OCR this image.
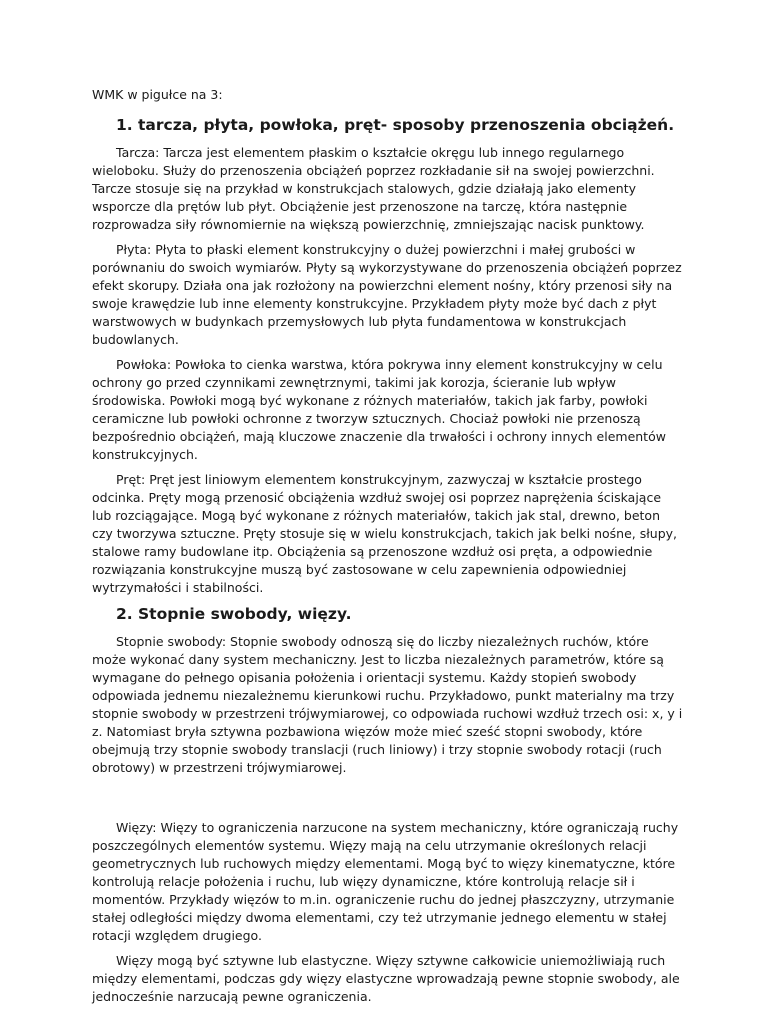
WMK w pigułce na 3:
1. tarcza, płyta, powłoka, pręt- sposoby przenoszenia obciążeń.

Tarcza: Tarcza jest elementem płaskim o kształcie okręgu lub innego regularnego wieloboku. Służy do przenoszenia obciążeń poprzez rozkładanie sił na swojej powierzchni. Tarcze stosuje się na przykład w konstrukcjach stalowych, gdzie działają jako elementy wsporcze dla prętów lub płyt. Obciążenie jest przenoszone na tarczę, która następnie rozprowadza siły równomiernie na większą powierzchnię, zmniejszając nacisk punktowy.

Płyta: Płyta to płaski element konstrukcyjny o dużej powierzchni i małej grubości w porównaniu do swoich wymiarów. Płyty są wykorzystywane do przenoszenia obciążeń poprzez efekt skorupy. Działa ona jak rozłożony na powierzchni element nośny, który przenosi siły na swoje krawędzie lub inne elementy konstrukcyjne. Przykładem płyty może być dach z płyt warstwowych w budynkach przemysłowych lub płyta fundamentowa w konstrukcjach budowlanych.

Powłoka: Powłoka to cienka warstwa, która pokrywa inny element konstrukcyjny w celu ochrony go przed czynnikami zewnętrznymi, takimi jak korozja, ścieranie lub wpływ środowiska. Powłoki mogą być wykonane z różnych materiałów, takich jak farby, powłoki ceramiczne lub powłoki ochronne z tworzyw sztucznych. Chociaż powłoki nie przenoszą bezpośrednio obciążeń, mają kluczowe znaczenie dla trwałości i ochrony innych elementów konstrukcyjnych.

Pręt: Pręt jest liniowym elementem konstrukcyjnym, zazwyczaj w kształcie prostego odcinka. Pręty mogą przenosić obciążenia wzdłuż swojej osi poprzez naprężenia ściskające lub rozciągające. Mogą być wykonane z różnych materiałów, takich jak stal, drewno, beton czy tworzywa sztuczne. Pręty stosuje się w wielu konstrukcjach, takich jak belki nośne, słupy, stalowe ramy budowlane itp. Obciążenia są przenoszone wzdłuż osi pręta, a odpowiednie rozwiązania konstrukcyjne muszą być zastosowane w celu zapewnienia odpowiedniej wytrzymałości i stabilności.

2. Stopnie swobody, więzy.

Stopnie swobody: Stopnie swobody odnoszą się do liczby niezależnych ruchów, które może wykonać dany system mechaniczny. Jest to liczba niezależnych parametrów, które są wymagane do pełnego opisania położenia i orientacji systemu. Każdy stopień swobody odpowiada jednemu niezależnemu kierunkowi ruchu. Przykładowo, punkt materialny ma trzy stopnie swobody w przestrzeni trójwymiarowej, co odpowiada ruchowi wzdłuż trzech osi: x, y i z. Natomiast bryła sztywna pozbawiona więzów może mieć sześć stopni swobody, które obejmują trzy stopnie swobody translacji (ruch liniowy) i trzy stopnie swobody rotacji (ruch obrotowy) w przestrzeni trójwymiarowej.

Więzy: Więzy to ograniczenia narzucone na system mechaniczny, które ograniczają ruchy poszczególnych elementów systemu. Więzy mają na celu utrzymanie określonych relacji geometrycznych lub ruchowych między elementami. Mogą być to więzy kinematyczne, które kontrolują relacje położenia i ruchu, lub więzy dynamiczne, które kontrolują relacje sił i momentów. Przykłady więzów to m.in. ograniczenie ruchu do jednej płaszczyzny, utrzymanie stałej odległości między dwoma elementami, czy też utrzymanie jednego elementu w stałej rotacji względem drugiego.

Więzy mogą być sztywne lub elastyczne. Więzy sztywne całkowicie uniemożliwiają ruch między elementami, podczas gdy więzy elastyczne wprowadzają pewne stopnie swobody, ale jednocześnie narzucają pewne ograniczenia.
